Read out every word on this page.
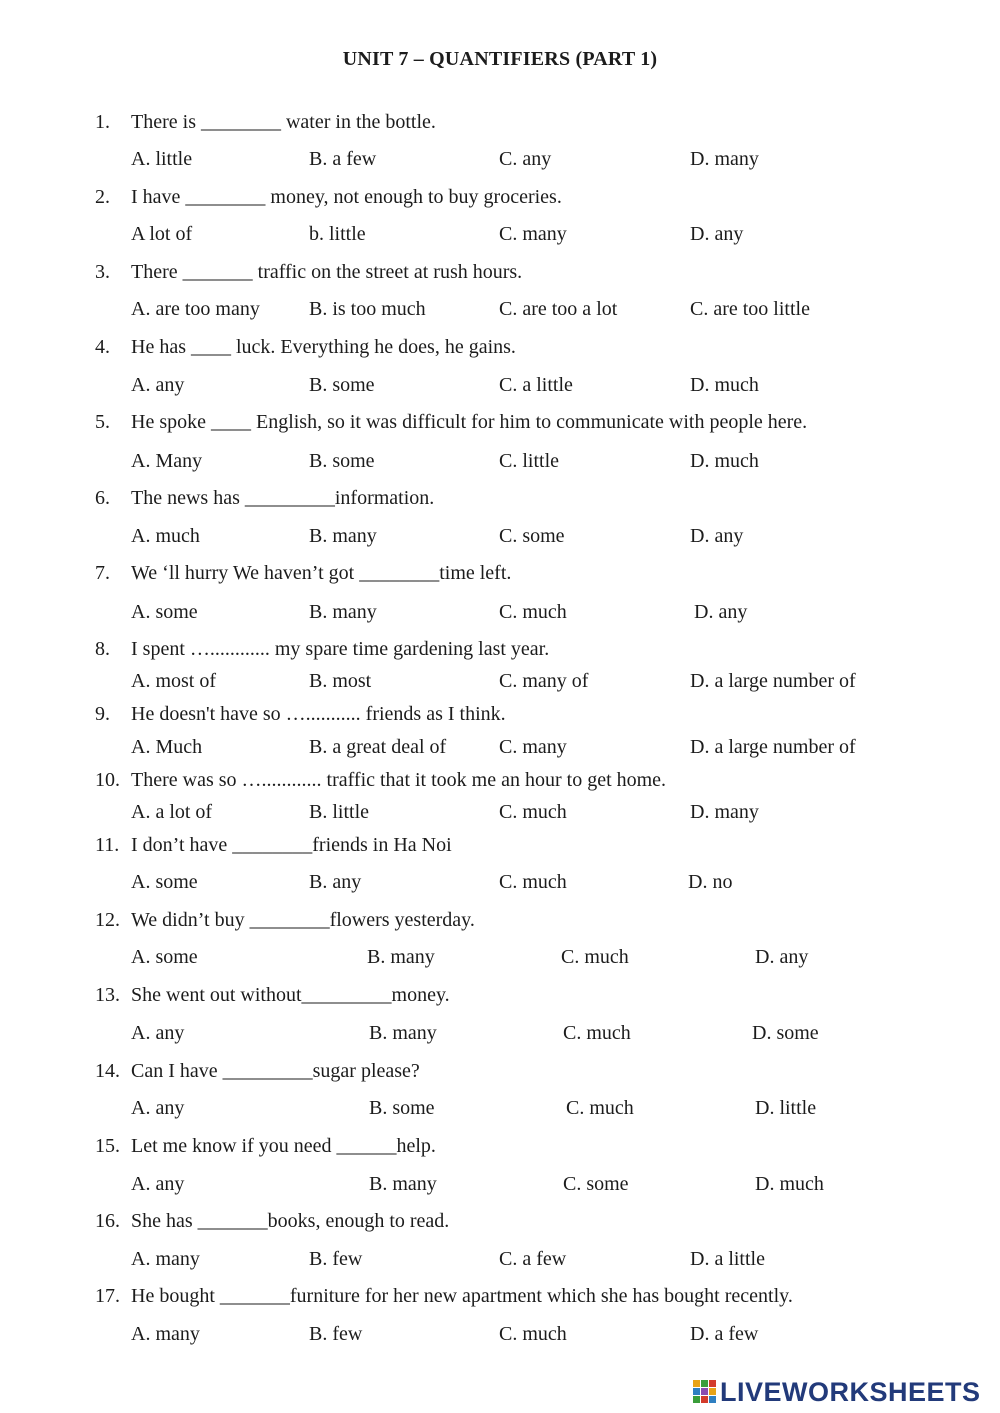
UNIT 7 – QUANTIFIERS (PART 1)
1. There is ________ water in the bottle.
A. little	B. a few	C. any	D. many
2. I have ________ money, not enough to buy groceries.
A lot of	b. little	C. many	D. any
3. There _______ traffic on the street at rush hours.
A. are too many B. is too much	C. are too a lot	C. are too little
4. He has ____ luck. Everything he does, he gains.
A. any	B. some	C. a little	D. much
5. He spoke ____ English, so it was difficult for him to communicate with people here.
A. Many	B. some	C. little	D. much
6. The news has _________information.
A. much	B. many	C. some	D. any
7. We ‘ll hurry We haven’t got ________time left.
A. some	B. many	C. much	D. any
8. I spent …............ my spare time gardening last year.
A. most of	B. most	C. many of	D. a large number of
9. He doesn't have so …........... friends as I think.
A. Much	B. a great deal of	C. many	D. a large number of
10. There was so …............ traffic that it took me an hour to get home.
A. a lot of	B. little	C. much	D. many
11. I don’t have ________friends in Ha Noi
A. some	B. any	C. much	D. no
12. We didn’t buy ________flowers yesterday.
A. some	B. many	C. much	D. any
13. She went out without_________money.
A. any	B. many	C. much	D. some
14. Can I have _________sugar please?
A. any	B. some	C. much	D. little
15. Let me know if you need ______help.
A. any	B. many	C. some	D. much
16. She has _______books, enough to read.
A. many	B. few	C. a few	D. a little
17. He bought _______furniture for her new apartment which she has bought recently.
A. many	B. few	C. much	D. a few
LIVEWORKSHEETS
